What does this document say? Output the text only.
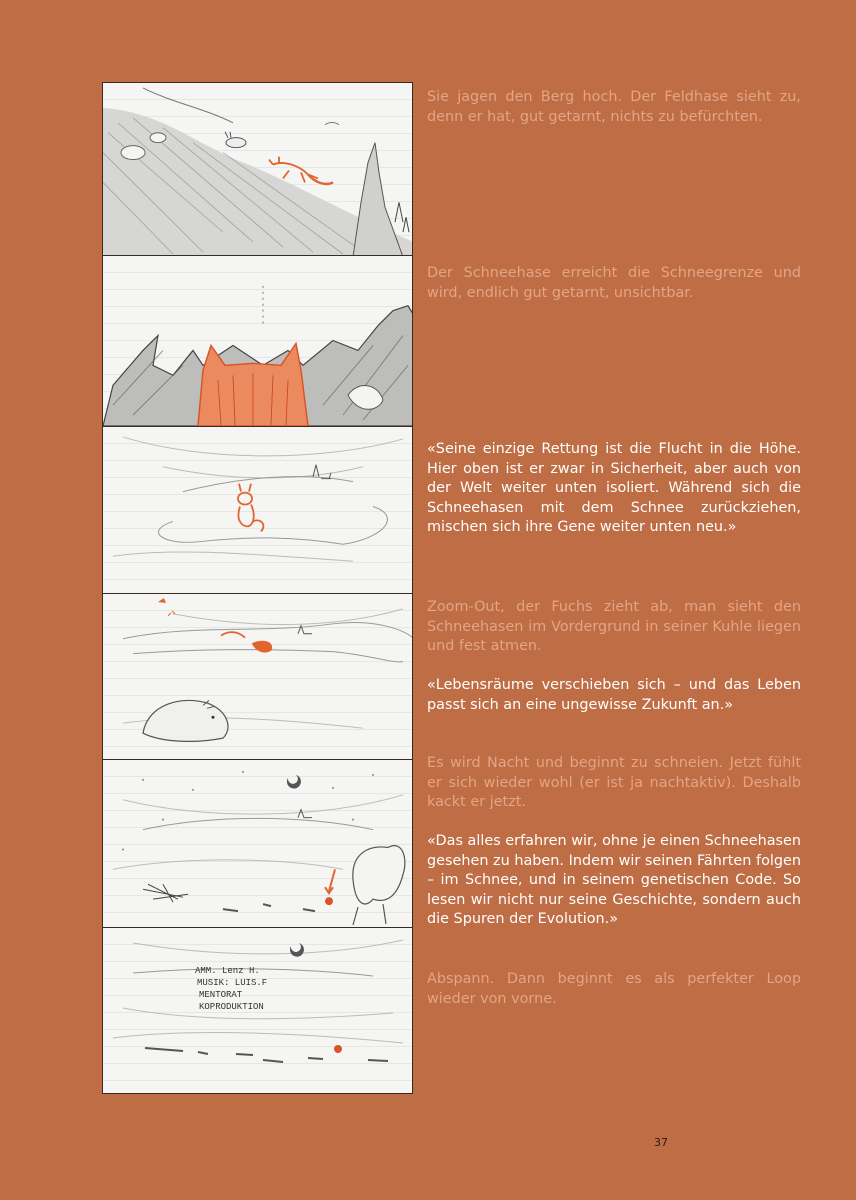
AMM. Lenz H.
MUSIK: LUIS.F
MENTORAT
KOPRODUKTION

Sie jagen den Berg hoch. Der Feldhase sieht zu, denn er hat, gut getarnt, nichts zu befürchten.

Der Schneehase erreicht die Schneegrenze und wird, endlich gut getarnt, unsichtbar.

«Seine einzige Rettung ist die Flucht in die Höhe. Hier oben ist er zwar in Sicherheit, aber auch von der Welt weiter unten isoliert. Während sich die Schneehasen mit dem Schnee zurückziehen, mischen sich ihre Gene weiter unten neu.»

Zoom-Out, der Fuchs zieht ab, man sieht den Schneehasen im Vordergrund in seiner Kuhle liegen und fest atmen.

«Lebensräume verschieben sich – und das Leben passt sich an eine ungewisse Zukunft an.»

Es wird Nacht und beginnt zu schneien. Jetzt fühlt er sich wieder wohl (er ist ja nachtaktiv). Deshalb kackt er jetzt.

«Das alles erfahren wir, ohne je einen Schneehasen gesehen zu haben. Indem wir seinen Fährten folgen – im Schnee, und in seinem genetischen Code. So lesen wir nicht nur seine Geschichte, sondern auch die Spuren der Evolution.»

Abspann. Dann beginnt es als perfekter Loop wieder von vorne.

37
